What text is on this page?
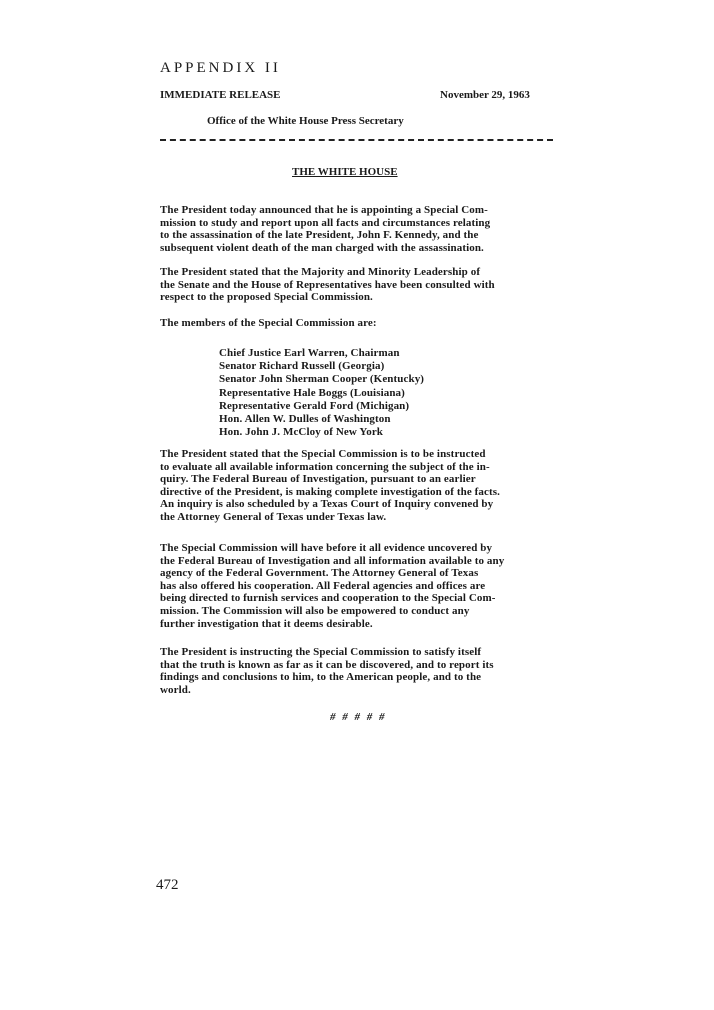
APPENDIX II
IMMEDIATE RELEASE	November 29, 1963
Office of the White House Press Secretary
THE WHITE HOUSE
The President today announced that he is appointing a Special Com-
mission to study and report upon all facts and circumstances relating
to the assassination of the late President, John F. Kennedy, and the
subsequent violent death of the man charged with the assassination.
The President stated that the Majority and Minority Leadership of
the Senate and the House of Representatives have been consulted with
respect to the proposed Special Commission.
The members of the Special Commission are:
Chief Justice Earl Warren, Chairman
Senator Richard Russell (Georgia)
Senator John Sherman Cooper (Kentucky)
Representative Hale Boggs (Louisiana)
Representative Gerald Ford (Michigan)
Hon. Allen W. Dulles of Washington
Hon. John J. McCloy of New York
The President stated that the Special Commission is to be instructed
to evaluate all available information concerning the subject of the in-
quiry. The Federal Bureau of Investigation, pursuant to an earlier
directive of the President, is making complete investigation of the facts.
An inquiry is also scheduled by a Texas Court of Inquiry convened by
the Attorney General of Texas under Texas law.
The Special Commission will have before it all evidence uncovered by
the Federal Bureau of Investigation and all information available to any
agency of the Federal Government. The Attorney General of Texas
has also offered his cooperation. All Federal agencies and offices are
being directed to furnish services and cooperation to the Special Com-
mission. The Commission will also be empowered to conduct any
further investigation that it deems desirable.
The President is instructing the Special Commission to satisfy itself
that the truth is known as far as it can be discovered, and to report its
findings and conclusions to him, to the American people, and to the
world.
# # # # #
472
